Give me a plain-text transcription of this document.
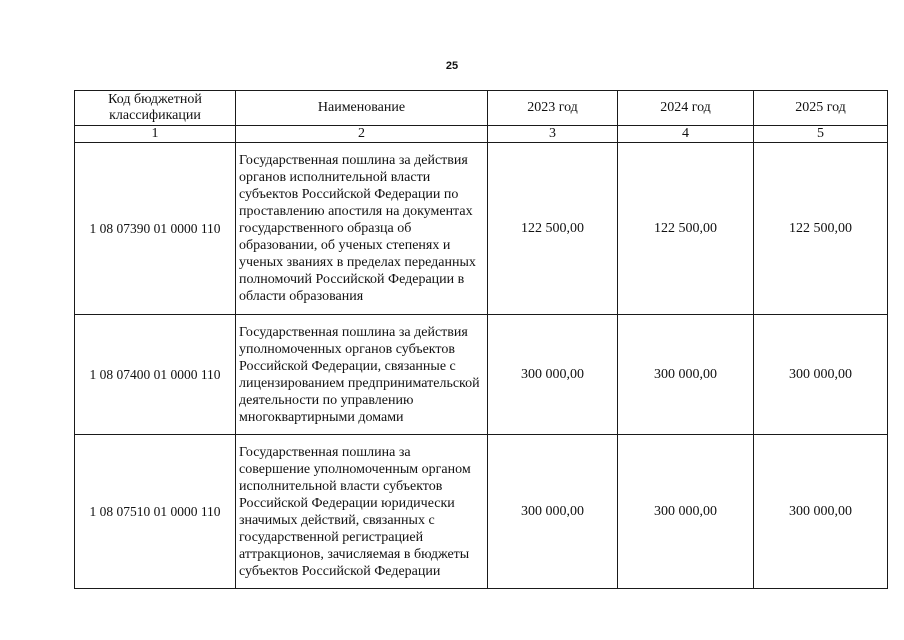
25
Код бюджетной классификации	Наименование	2023 год	2024 год	2025 год
1	2	3	4	5
1 08 07390 01 0000 110	Государственная пошлина за действия органов исполнительной власти субъектов Российской Федерации по проставлению апостиля на документах государственного образца об образовании, об ученых степенях и ученых званиях в пределах переданных полномочий Российской Федерации в области образования	122 500,00	122 500,00	122 500,00
1 08 07400 01 0000 110	Государственная пошлина за действия уполномоченных органов субъектов Российской Федерации, связанные с лицензированием предпринимательской деятельности по управлению многоквартирными домами	300 000,00	300 000,00	300 000,00
1 08 07510 01 0000 110	Государственная пошлина за совершение уполномоченным органом исполнительной власти субъектов Российской Федерации юридически значимых действий, связанных с государственной регистрацией аттракционов, зачисляемая в бюджеты субъектов Российской Федерации	300 000,00	300 000,00	300 000,00
